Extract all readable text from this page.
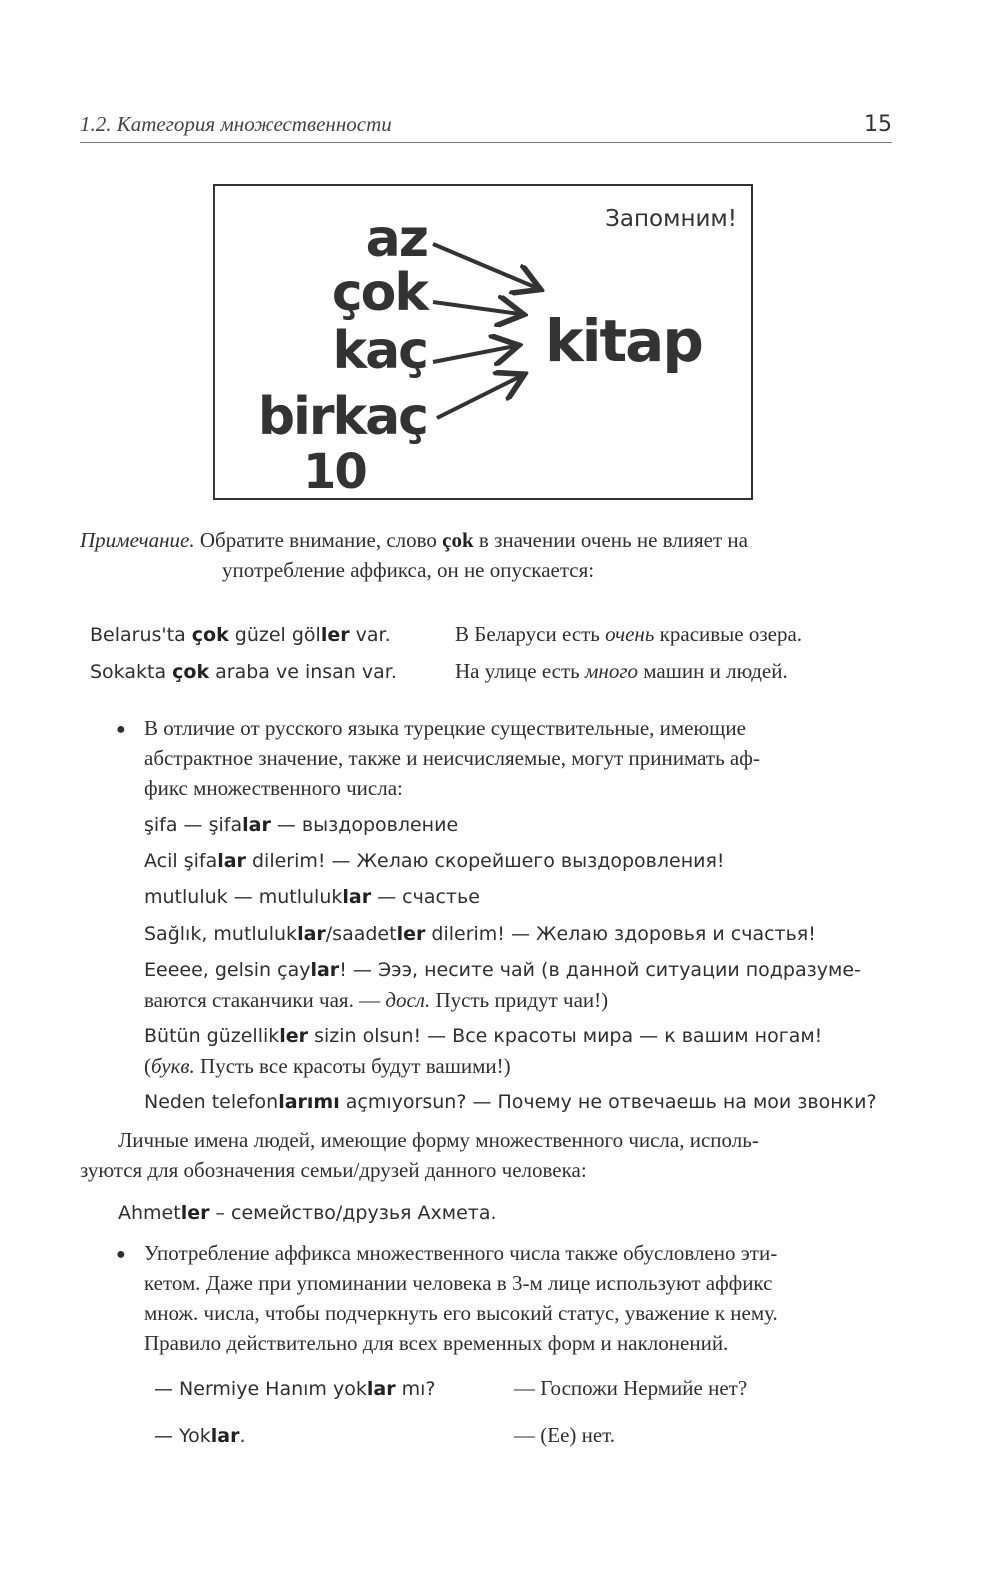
1.2. Категория множественности	15
Запомним!
az
çok
kaç
birkaç
10
kitap
Примечание. Обратите внимание, слово çok в значении очень не влияет на
употребление аффикса, он не опускается:
Belarus'ta çok güzel göller var.	В Беларуси есть очень красивые озера.
Sokakta çok araba ve insan var.	На улице есть много машин и людей.
● В отличие от русского языка турецкие существительные, имеющие
абстрактное значение, также и неисчисляемые, могут принимать аф-
фикс множественного числа:
şifa — şifalar — выздоровление
Acil şifalar dilerim! — Желаю скорейшего выздоровления!
mutluluk — mutluluklar — счастье
Sağlık, mutluluklar/saadetler dilerim! — Желаю здоровья и счастья!
Eeeee, gelsin çaylar! — Эээ, несите чай (в данной ситуации подразуме-
ваются стаканчики чая. — досл. Пусть придут чаи!)
Bütün güzellikler sizin olsun! — Все красоты мира — к вашим ногам!
(букв. Пусть все красоты будут вашими!)
Neden telefonlarımı açmıyorsun? — Почему не отвечаешь на мои звонки?
Личные имена людей, имеющие форму множественного числа, исполь-
зуются для обозначения семьи/друзей данного человека:
Ahmetler – семейство/друзья Ахмета.
● Употребление аффикса множественного числа также обусловлено эти-
кетом. Даже при упоминании человека в 3-м лице используют аффикс
множ. числа, чтобы подчеркнуть его высокий статус, уважение к нему.
Правило действительно для всех временных форм и наклонений.
— Nermiye Hanım yoklar mı?	— Госпожи Нермийе нет?
— Yoklar.	— (Ее) нет.
